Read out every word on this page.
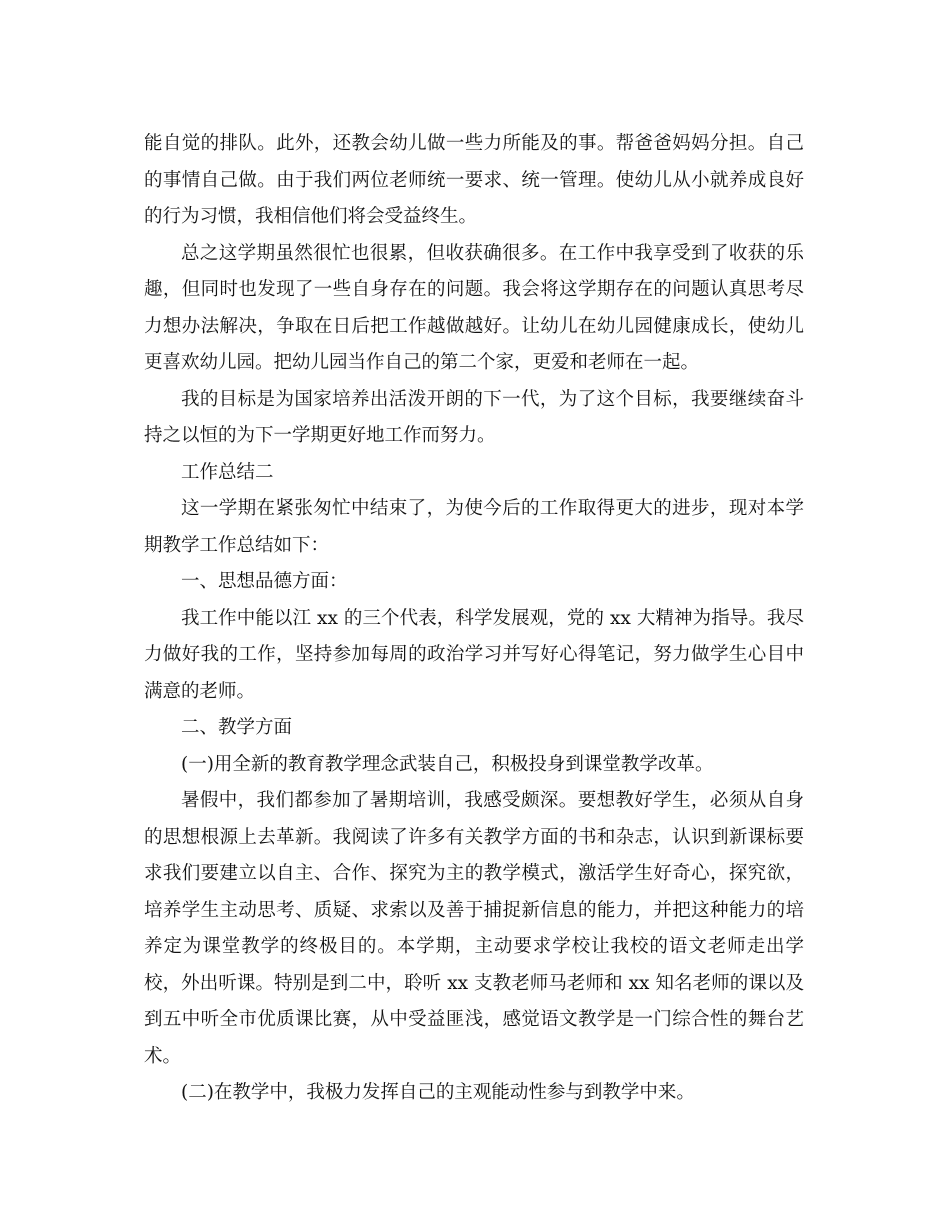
能自觉的排队。此外，还教会幼儿做一些力所能及的事。帮爸爸妈妈分担。自己的事情自己做。由于我们两位老师统一要求、统一管理。使幼儿从小就养成良好的行为习惯，我相信他们将会受益终生。

总之这学期虽然很忙也很累，但收获确很多。在工作中我享受到了收获的乐趣，但同时也发现了一些自身存在的问题。我会将这学期存在的问题认真思考尽力想办法解决，争取在日后把工作越做越好。让幼儿在幼儿园健康成长，使幼儿更喜欢幼儿园。把幼儿园当作自己的第二个家，更爱和老师在一起。

我的目标是为国家培养出活泼开朗的下一代，为了这个目标，我要继续奋斗持之以恒的为下一学期更好地工作而努力。

工作总结二

这一学期在紧张匆忙中结束了，为使今后的工作取得更大的进步，现对本学期教学工作总结如下：

一、思想品德方面：

我工作中能以江 xx 的三个代表，科学发展观，党的 xx 大精神为指导。我尽力做好我的工作，坚持参加每周的政治学习并写好心得笔记，努力做学生心目中满意的老师。

二、教学方面

(一)用全新的教育教学理念武装自己，积极投身到课堂教学改革。

暑假中，我们都参加了暑期培训，我感受颇深。要想教好学生，必须从自身的思想根源上去革新。我阅读了许多有关教学方面的书和杂志，认识到新课标要求我们要建立以自主、合作、探究为主的教学模式，激活学生好奇心，探究欲，培养学生主动思考、质疑、求索以及善于捕捉新信息的能力，并把这种能力的培养定为课堂教学的终极目的。本学期，主动要求学校让我校的语文老师走出学校，外出听课。特别是到二中，聆听 xx 支教老师马老师和 xx 知名老师的课以及到五中听全市优质课比赛，从中受益匪浅，感觉语文教学是一门综合性的舞台艺术。

(二)在教学中，我极力发挥自己的主观能动性参与到教学中来。
